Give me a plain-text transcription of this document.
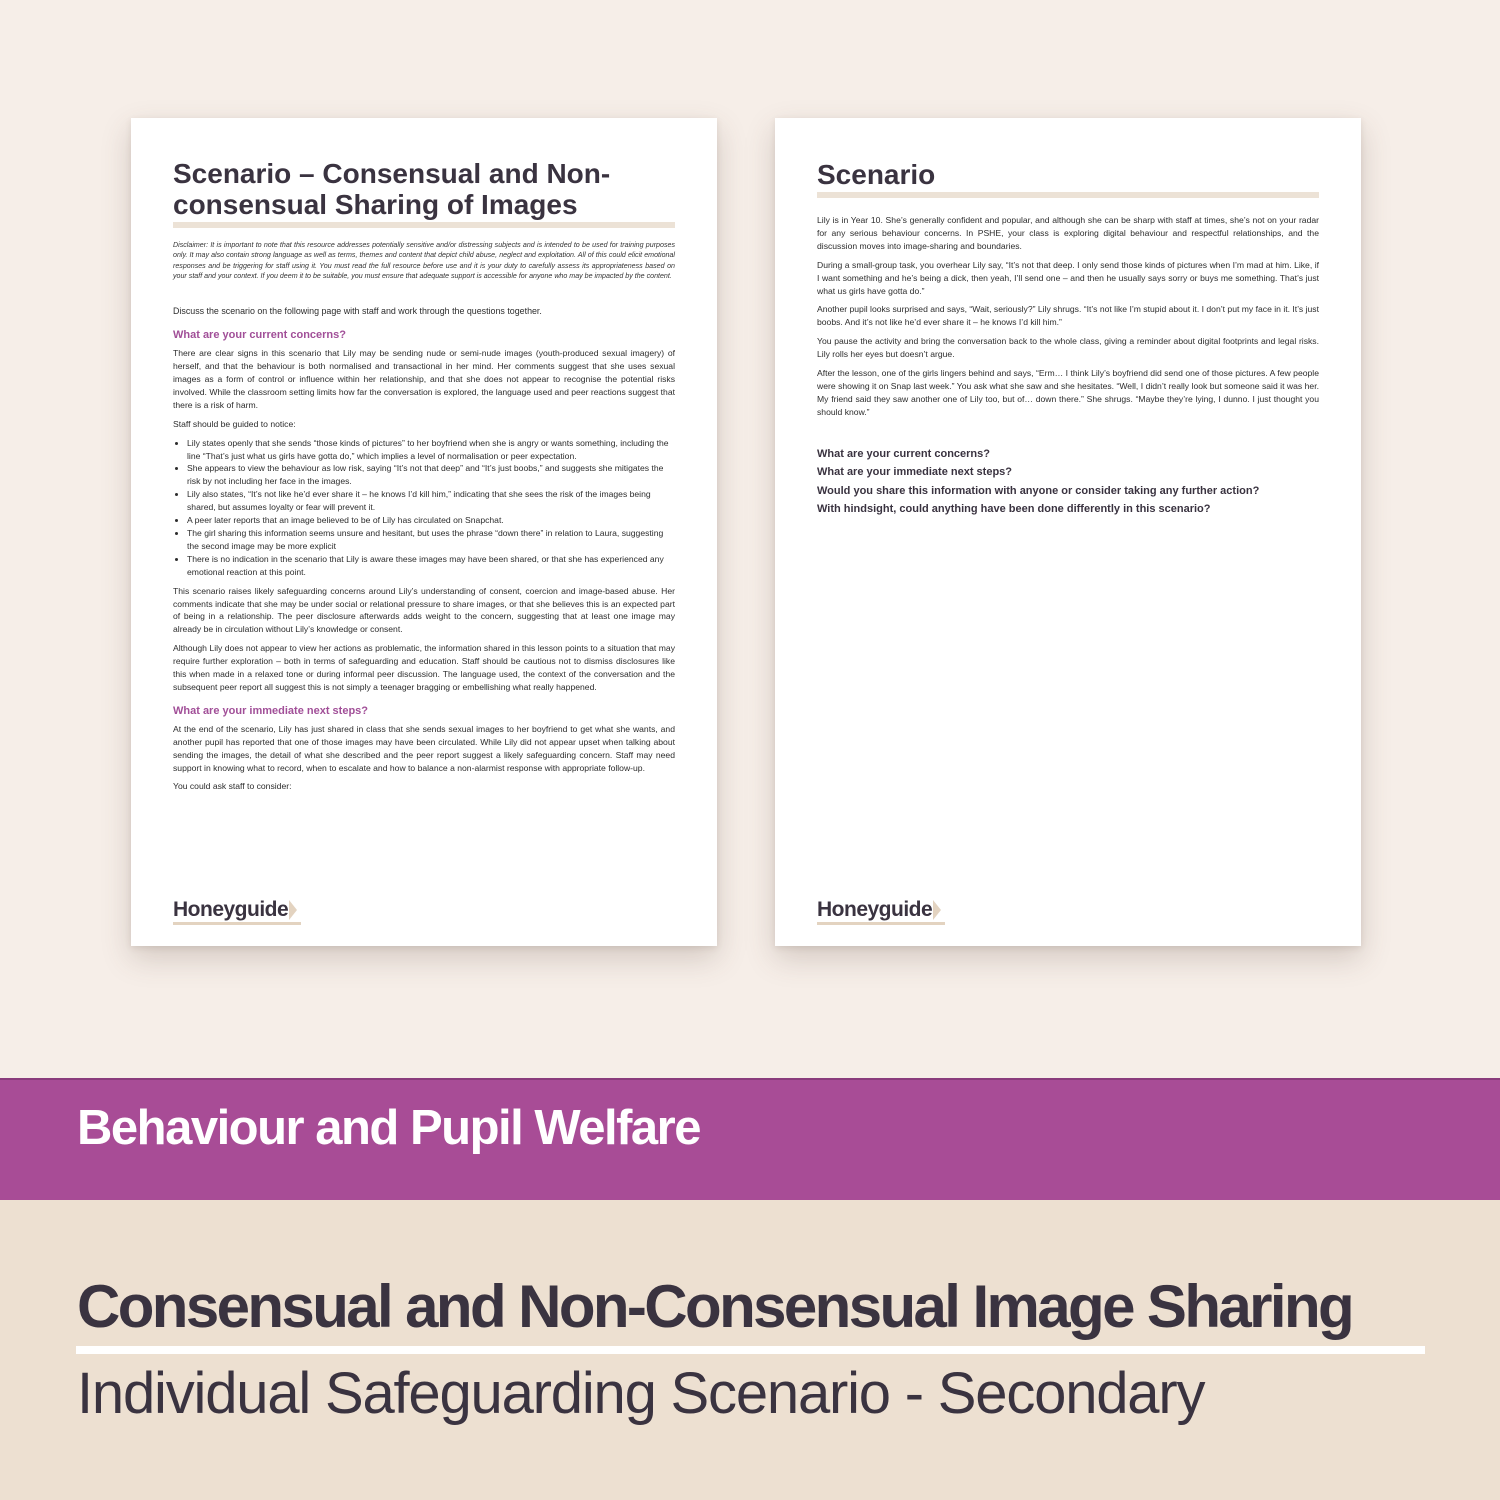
Scenario – Consensual and Non-consensual Sharing of Images

Disclaimer: It is important to note that this resource addresses potentially sensitive and/or distressing subjects and is intended to be used for training purposes only. It may also contain strong language as well as terms, themes and content that depict child abuse, neglect and exploitation. All of this could elicit emotional responses and be triggering for staff using it. You must read the full resource before use and it is your duty to carefully assess its appropriateness based on your staff and your context. If you deem it to be suitable, you must ensure that adequate support is accessible for anyone who may be impacted by the content.

Discuss the scenario on the following page with staff and work through the questions together.

What are your current concerns?

There are clear signs in this scenario that Lily may be sending nude or semi-nude images (youth-produced sexual imagery) of herself, and that the behaviour is both normalised and transactional in her mind. Her comments suggest that she uses sexual images as a form of control or influence within her relationship, and that she does not appear to recognise the potential risks involved. While the classroom setting limits how far the conversation is explored, the language used and peer reactions suggest that there is a risk of harm.

Staff should be guided to notice:

• Lily states openly that she sends “those kinds of pictures” to her boyfriend when she is angry or wants something, including the line “That’s just what us girls have gotta do,” which implies a level of normalisation or peer expectation.
• She appears to view the behaviour as low risk, saying “It’s not that deep” and “It’s just boobs,” and suggests she mitigates the risk by not including her face in the images.
• Lily also states, “It’s not like he’d ever share it – he knows I’d kill him,” indicating that she sees the risk of the images being shared, but assumes loyalty or fear will prevent it.
• A peer later reports that an image believed to be of Lily has circulated on Snapchat.
• The girl sharing this information seems unsure and hesitant, but uses the phrase “down there” in relation to Laura, suggesting the second image may be more explicit
• There is no indication in the scenario that Lily is aware these images may have been shared, or that she has experienced any emotional reaction at this point.

This scenario raises likely safeguarding concerns around Lily’s understanding of consent, coercion and image-based abuse. Her comments indicate that she may be under social or relational pressure to share images, or that she believes this is an expected part of being in a relationship. The peer disclosure afterwards adds weight to the concern, suggesting that at least one image may already be in circulation without Lily’s knowledge or consent.

Although Lily does not appear to view her actions as problematic, the information shared in this lesson points to a situation that may require further exploration – both in terms of safeguarding and education. Staff should be cautious not to dismiss disclosures like this when made in a relaxed tone or during informal peer discussion. The language used, the context of the conversation and the subsequent peer report all suggest this is not simply a teenager bragging or embellishing what really happened.

What are your immediate next steps?

At the end of the scenario, Lily has just shared in class that she sends sexual images to her boyfriend to get what she wants, and another pupil has reported that one of those images may have been circulated. While Lily did not appear upset when talking about sending the images, the detail of what she described and the peer report suggest a likely safeguarding concern. Staff may need support in knowing what to record, when to escalate and how to balance a non-alarmist response with appropriate follow-up.

You could ask staff to consider:

Honeyguide
Scenario

Lily is in Year 10. She’s generally confident and popular, and although she can be sharp with staff at times, she’s not on your radar for any serious behaviour concerns. In PSHE, your class is exploring digital behaviour and respectful relationships, and the discussion moves into image-sharing and boundaries.

During a small-group task, you overhear Lily say, “It’s not that deep. I only send those kinds of pictures when I’m mad at him. Like, if I want something and he’s being a dick, then yeah, I’ll send one – and then he usually says sorry or buys me something. That’s just what us girls have gotta do.”

Another pupil looks surprised and says, “Wait, seriously?” Lily shrugs. “It’s not like I’m stupid about it. I don’t put my face in it. It’s just boobs. And it’s not like he’d ever share it – he knows I’d kill him.”

You pause the activity and bring the conversation back to the whole class, giving a reminder about digital footprints and legal risks. Lily rolls her eyes but doesn’t argue.

After the lesson, one of the girls lingers behind and says, “Erm… I think Lily’s boyfriend did send one of those pictures. A few people were showing it on Snap last week.” You ask what she saw and she hesitates. “Well, I didn’t really look but someone said it was her. My friend said they saw another one of Lily too, but of… down there.” She shrugs. “Maybe they’re lying, I dunno. I just thought you should know.”

What are your current concerns?

What are your immediate next steps?

Would you share this information with anyone or consider taking any further action?

With hindsight, could anything have been done differently in this scenario?

Honeyguide
Behaviour and Pupil Welfare
Consensual and Non-Consensual Image Sharing
Individual Safeguarding Scenario - Secondary
